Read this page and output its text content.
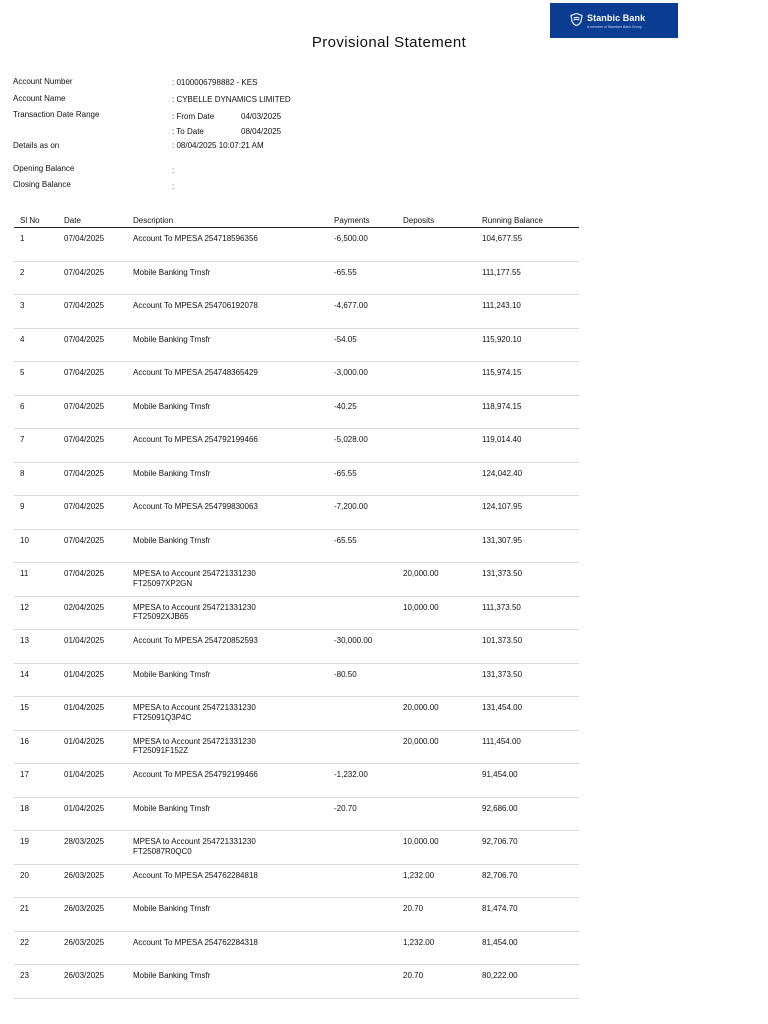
Stanbic Bank
A member of Standard Bank Group
Provisional Statement
Account Number	: 0100006798882 - KES
Account Name	: CYBELLE DYNAMICS LIMITED
Transaction Date Range	: From Date	04/03/2025
: To Date	08/04/2025
Details as on	: 08/04/2025 10:07:21 AM
Opening Balance	:
Closing Balance	:
Sl No	Date	Description	Payments	Deposits	Running Balance
1	07/04/2025	Account To MPESA 254718596356	-6,500.00		104,677.55
2	07/04/2025	Mobile Banking Trnsfr	-65.55		111,177.55
3	07/04/2025	Account To MPESA 254706192078	-4,677.00		111,243.10
4	07/04/2025	Mobile Banking Trnsfr	-54.05		115,920.10
5	07/04/2025	Account To MPESA 254748365429	-3,000.00		115,974.15
6	07/04/2025	Mobile Banking Trnsfr	-40.25		118,974.15
7	07/04/2025	Account To MPESA 254792199466	-5,028.00		119,014.40
8	07/04/2025	Mobile Banking Trnsfr	-65.55		124,042.40
9	07/04/2025	Account To MPESA 254799830063	-7,200.00		124,107.95
10	07/04/2025	Mobile Banking Trnsfr	-65.55		131,307.95
11	07/04/2025	MPESA to Account 254721331230
FT25097XP2GN		20,000.00	131,373.50
12	02/04/2025	MPESA to Account 254721331230
FT25092XJB65		10,000.00	111,373.50
13	01/04/2025	Account To MPESA 254720852593	-30,000.00		101,373.50
14	01/04/2025	Mobile Banking Trnsfr	-80.50		131,373.50
15	01/04/2025	MPESA to Account 254721331230
FT25091Q3P4C		20,000.00	131,454.00
16	01/04/2025	MPESA to Account 254721331230
FT25091F152Z		20,000.00	111,454.00
17	01/04/2025	Account To MPESA 254792199466	-1,232.00		91,454.00
18	01/04/2025	Mobile Banking Trnsfr	-20.70		92,686.00
19	28/03/2025	MPESA to Account 254721331230
FT25087R0QC0		10,000.00	92,706.70
20	26/03/2025	Account To MPESA 254762284818		1,232.00	82,706.70
21	26/03/2025	Mobile Banking Trnsfr		20.70	81,474.70
22	26/03/2025	Account To MPESA 254762284318		1,232.00	81,454.00
23	26/03/2025	Mobile Banking Trnsfr		20.70	80,222.00
